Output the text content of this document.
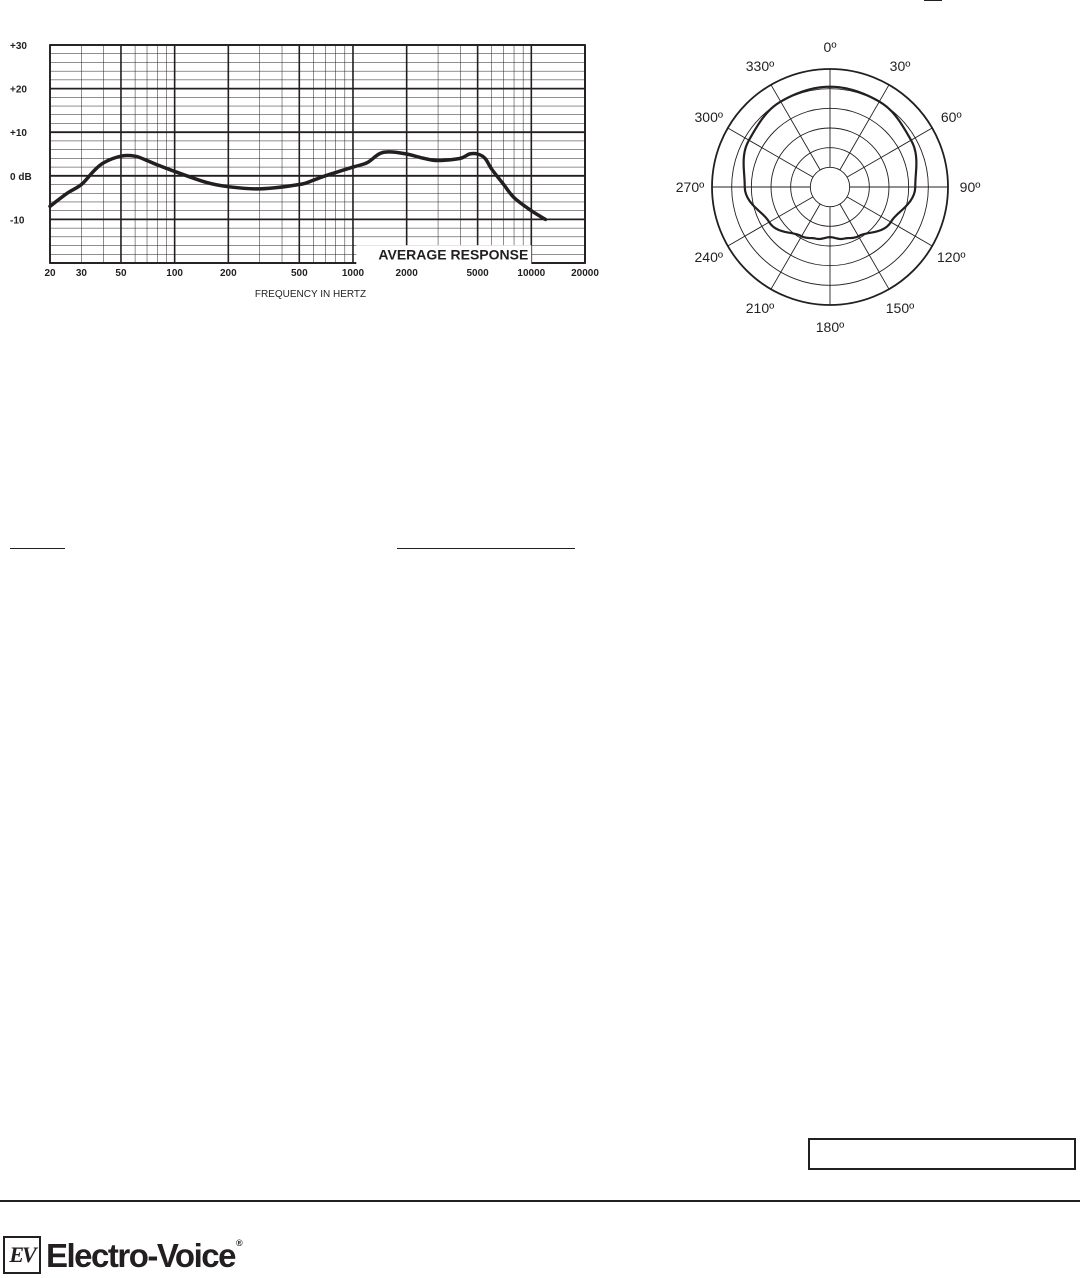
+30
+20
+10
0 dB
-10
20 30	50	100	200	500	1000	2000	5000	10000	20000
AVERAGE RESPONSE
FREQUENCY IN HERTZ
0º
30º
60º
90º
120º
150º
180º
210º
240º
270º
300º
330º
EV Electro-Voice®
